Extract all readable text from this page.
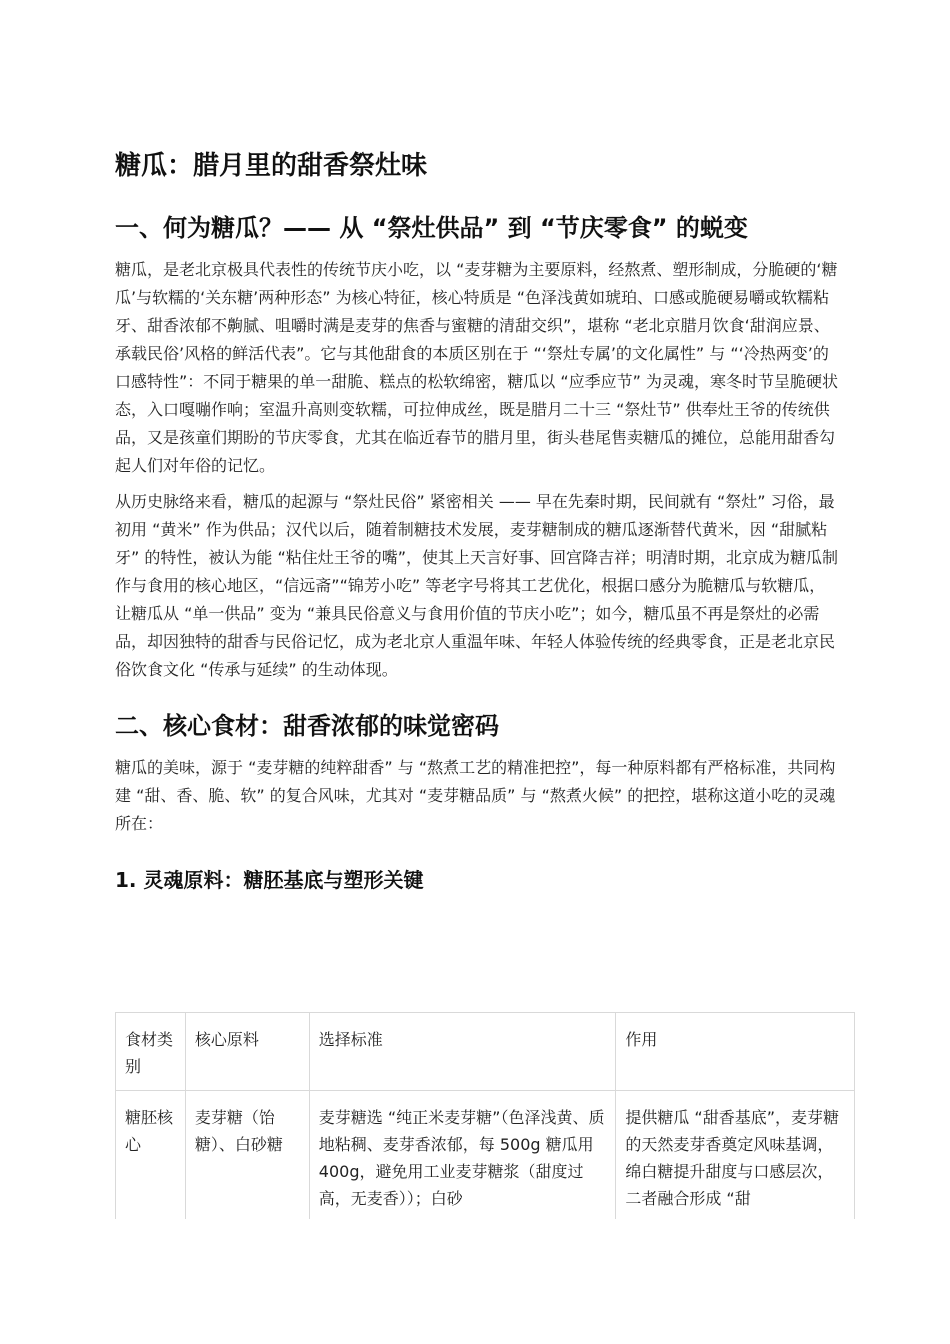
糖瓜：腊月里的甜香祭灶味
一、何为糖瓜？—— 从 “祭灶供品” 到 “节庆零食” 的蜕变

糖瓜，是老北京极具代表性的传统节庆小吃，以 “麦芽糖为主要原料，经熬煮、塑形制成，分脆硬的‘糖瓜’与软糯的‘关东糖’两种形态” 为核心特征，核心特质是 “色泽浅黄如琥珀、口感或脆硬易嚼或软糯粘牙、甜香浓郁不齁腻、咀嚼时满是麦芽的焦香与蜜糖的清甜交织”，堪称 “老北京腊月饮食‘甜润应景、承载民俗’风格的鲜活代表”。它与其他甜食的本质区别在于 “‘祭灶专属’的文化属性” 与 “‘冷热两变’的口感特性”：不同于糖果的单一甜脆、糕点的松软绵密，糖瓜以 “应季应节” 为灵魂，寒冬时节呈脆硬状态，入口嘎嘣作响；室温升高则变软糯，可拉伸成丝，既是腊月二十三 “祭灶节” 供奉灶王爷的传统供品，又是孩童们期盼的节庆零食，尤其在临近春节的腊月里，街头巷尾售卖糖瓜的摊位，总能用甜香勾起人们对年俗的记忆。

从历史脉络来看，糖瓜的起源与 “祭灶民俗” 紧密相关 —— 早在先秦时期，民间就有 “祭灶” 习俗，最初用 “黄米” 作为供品；汉代以后，随着制糖技术发展，麦芽糖制成的糖瓜逐渐替代黄米，因 “甜腻粘牙” 的特性，被认为能 “粘住灶王爷的嘴”，使其上天言好事、回宫降吉祥；明清时期，北京成为糖瓜制作与食用的核心地区，“信远斋”“锦芳小吃” 等老字号将其工艺优化，根据口感分为脆糖瓜与软糖瓜，让糖瓜从 “单一供品” 变为 “兼具民俗意义与食用价值的节庆小吃”；如今，糖瓜虽不再是祭灶的必需品，却因独特的甜香与民俗记忆，成为老北京人重温年味、年轻人体验传统的经典零食，正是老北京民俗饮食文化 “传承与延续” 的生动体现。

二、核心食材：甜香浓郁的味觉密码

糖瓜的美味，源于 “麦芽糖的纯粹甜香” 与 “熬煮工艺的精准把控”，每一种原料都有严格标准，共同构建 “甜、香、脆、软” 的复合风味，尤其对 “麦芽糖品质” 与 “熬煮火候” 的把控，堪称这道小吃的灵魂所在：

1. 灵魂原料：糖胚基底与塑形关键
食材类别	核心原料	选择标准	作用
糖胚核心	麦芽糖（饴糖）、白砂糖	麦芽糖选 “纯正米麦芽糖”（色泽浅黄、质地粘稠、麦芽香浓郁，每 500g 糖瓜用 400g，避免用工业麦芽糖浆（甜度过高，无麦香））；白砂	提供糖瓜 “甜香基底”，麦芽糖的天然麦芽香奠定风味基调，绵白糖提升甜度与口感层次，二者融合形成 “甜
